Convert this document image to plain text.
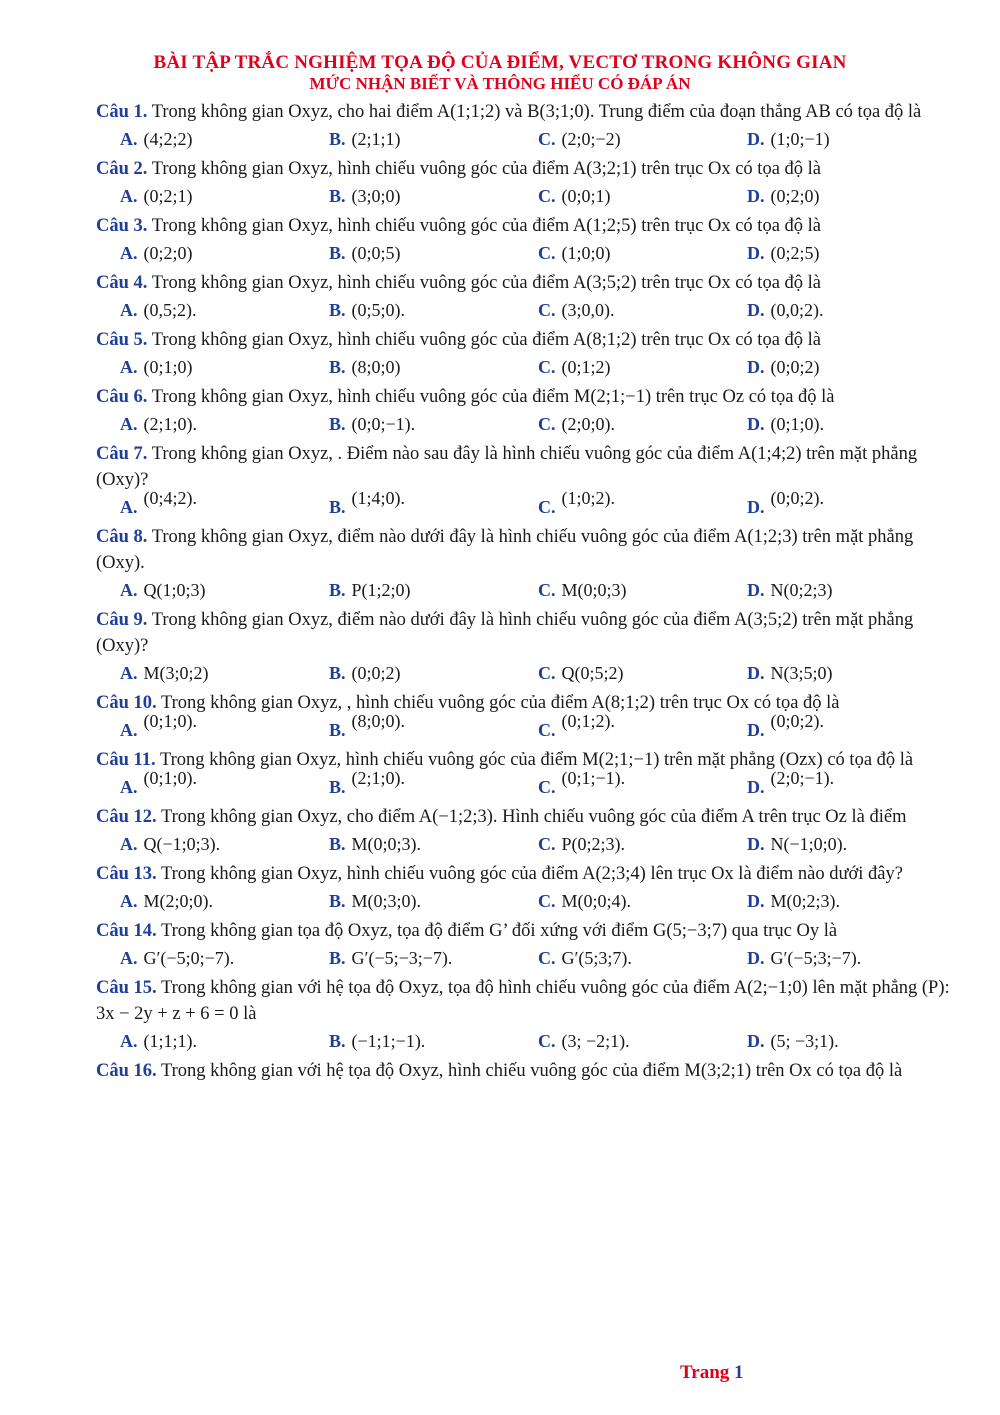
BÀI TẬP TRẮC NGHIỆM TỌA ĐỘ CỦA ĐIỂM, VECTƠ TRONG KHÔNG GIAN
MỨC NHẬN BIẾT VÀ THÔNG HIỂU CÓ ĐÁP ÁN
Câu 1. Trong không gian Oxyz, cho hai điểm A(1;1;2) và B(3;1;0). Trung điểm của đoạn thẳng AB có tọa độ là
A. (4;2;2)	B. (2;1;1)	C. (2;0;−2)	D. (1;0;−1)
Câu 2. Trong không gian Oxyz, hình chiếu vuông góc của điểm A(3;2;1) trên trục Ox có tọa độ là
A. (0;2;1)	B. (3;0;0)	C. (0;0;1)	D. (0;2;0)
Câu 3. Trong không gian Oxyz, hình chiếu vuông góc của điểm A(1;2;5) trên trục Ox có tọa độ là
A. (0;2;0)	B. (0;0;5)	C. (1;0;0)	D. (0;2;5)
Câu 4. Trong không gian Oxyz, hình chiếu vuông góc của điểm A(3;5;2) trên trục Ox có tọa độ là
A. (0,5;2).	B. (0;5;0).	C. (3;0,0).	D. (0,0;2).
Câu 5. Trong không gian Oxyz, hình chiếu vuông góc của điểm A(8;1;2) trên trục Ox có tọa độ là
A. (0;1;0)	B. (8;0;0)	C. (0;1;2)	D. (0;0;2)
Câu 6. Trong không gian Oxyz, hình chiếu vuông góc của điểm M(2;1;−1) trên trục Oz có tọa độ là
A. (2;1;0).	B. (0;0;−1).	C. (2;0;0).	D. (0;1;0).
Câu 7. Trong không gian Oxyz, . Điểm nào sau đây là hình chiếu vuông góc của điểm A(1;4;2) trên mặt phẳng (Oxy)?
A. (0;4;2).	B. (1;4;0).	C. (1;0;2).	D. (0;0;2).
Câu 8. Trong không gian Oxyz, điểm nào dưới đây là hình chiếu vuông góc của điểm A(1;2;3) trên mặt phẳng (Oxy).
A. Q(1;0;3)	B. P(1;2;0)	C. M(0;0;3)	D. N(0;2;3)
Câu 9. Trong không gian Oxyz, điểm nào dưới đây là hình chiếu vuông góc của điểm A(3;5;2) trên mặt phẳng (Oxy)?
A. M(3;0;2)	B. (0;0;2)	C. Q(0;5;2)	D. N(3;5;0)
Câu 10. Trong không gian Oxyz, , hình chiếu vuông góc của điểm A(8;1;2) trên trục Ox có tọa độ là
A. (0;1;0).	B. (8;0;0).	C. (0;1;2).	D. (0;0;2).
Câu 11. Trong không gian Oxyz, hình chiếu vuông góc của điểm M(2;1;−1) trên mặt phẳng (Ozx) có tọa độ là
A. (0;1;0).	B. (2;1;0).	C. (0;1;−1).	D. (2;0;−1).
Câu 12. Trong không gian Oxyz, cho điểm A(−1;2;3). Hình chiếu vuông góc của điểm A trên trục Oz là điểm
A. Q(−1;0;3).	B. M(0;0;3).	C. P(0;2;3).	D. N(−1;0;0).
Câu 13. Trong không gian Oxyz, hình chiếu vuông góc của điểm A(2;3;4) lên trục Ox là điểm nào dưới đây?
A. M(2;0;0).	B. M(0;3;0).	C. M(0;0;4).	D. M(0;2;3).
Câu 14. Trong không gian tọa độ Oxyz, tọa độ điểm G’ đối xứng với điểm G(5;−3;7) qua trục Oy là
A. G′(−5;0;−7).	B. G′(−5;−3;−7).	C. G′(5;3;7).	D. G′(−5;3;−7).
Câu 15. Trong không gian với hệ tọa độ Oxyz, tọa độ hình chiếu vuông góc của điểm A(2;−1;0) lên mặt phẳng (P): 3x − 2y + z + 6 = 0 là
A. (1;1;1).	B. (−1;1;−1).	C. (3; −2;1).	D. (5; −3;1).
Câu 16. Trong không gian với hệ tọa độ Oxyz, hình chiếu vuông góc của điểm M(3;2;1) trên Ox có tọa độ là
Trang 1
